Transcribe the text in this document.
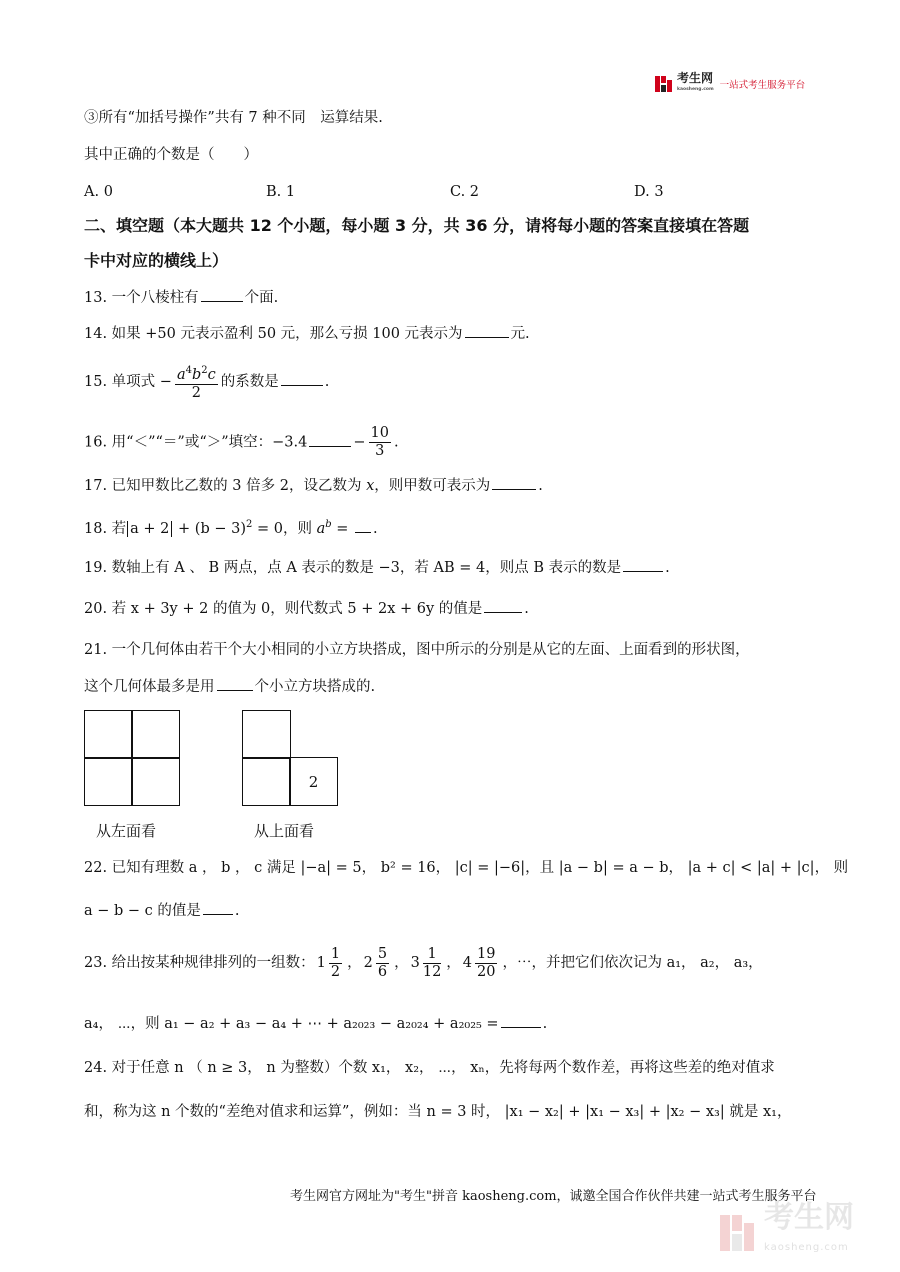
考生网
kaosheng.com 一站式考生服务平台
③所有“加括号操作”共有 7 种不同　运算结果.
其中正确的个数是（　　）
A. 0	B. 1	C. 2	D. 3
二、填空题（本大题共 12 个小题，每小题 3 分，共 36 分，请将每小题的答案直接填在答题
卡中对应的横线上）
13. 一个八棱柱有	个面.
14. 如果 +50 元表示盈利 50 元，那么亏损 100 元表示为	元.
15. 单项式 − $\frac{a^4b^2c}{2}$ 的系数是	.
16. 用“＜”“＝”或“＞”填空：−3.4	− $\frac{10}{3}$ .
17. 已知甲数比乙数的 3 倍多 2，设乙数为 x，则甲数可表示为	.
18. 若 $a + 2 + (b - 3)^2 = 0$，则 $a^b$ = .
19. 数轴上有 A 、 B 两点，点 A 表示的数是 −3，若 AB = 4，则点 B 表示的数是	.
20. 若 x + 3y + 2 的值为 0，则代数式 5 + 2x + 6y 的值是	.
21. 一个几何体由若干个大小相同的小立方块搭成，图中所示的分别是从它的左面、上面看到的形状图，
这个几何体最多是用	个小立方块搭成的.
从左面看
2
从上面看
22. 已知有理数 a ， b ， c 满足 |−a| = 5， b² = 16， |c| = |−6|，且 |a − b| = a − b， |a + c| < |a| + |c|， 则
a − b − c 的值是 .
23. 给出按某种规律排列的一组数： $1 \frac{1}{2}$ ， $2 \frac{5}{6}$ ， $3 \frac{1}{12}$ ， $4 \frac{19}{20}$ ，⋯，并把它们依次记为 a₁， a₂， a₃，
a₄， ⋯，则 a₁ − a₂ + a₃ − a₄ + ⋯ + a₂₀₂₃ − a₂₀₂₄ + a₂₀₂₅ =	.
24. 对于任意 n （ n ≥ 3， n 为整数）个数 x₁， x₂， ⋯， xₙ，先将每两个数作差，再将这些差的绝对值求
和，称为这 n 个数的“差绝对值求和运算”，例如：当 n = 3 时， |x₁ − x₂| + |x₁ − x₃| + |x₂ − x₃| 就是 x₁，
考生网官方网址为"考生"拼音 kaosheng.com，诚邀全国合作伙伴共建一站式考生服务平台
考生网
kaosheng.com
